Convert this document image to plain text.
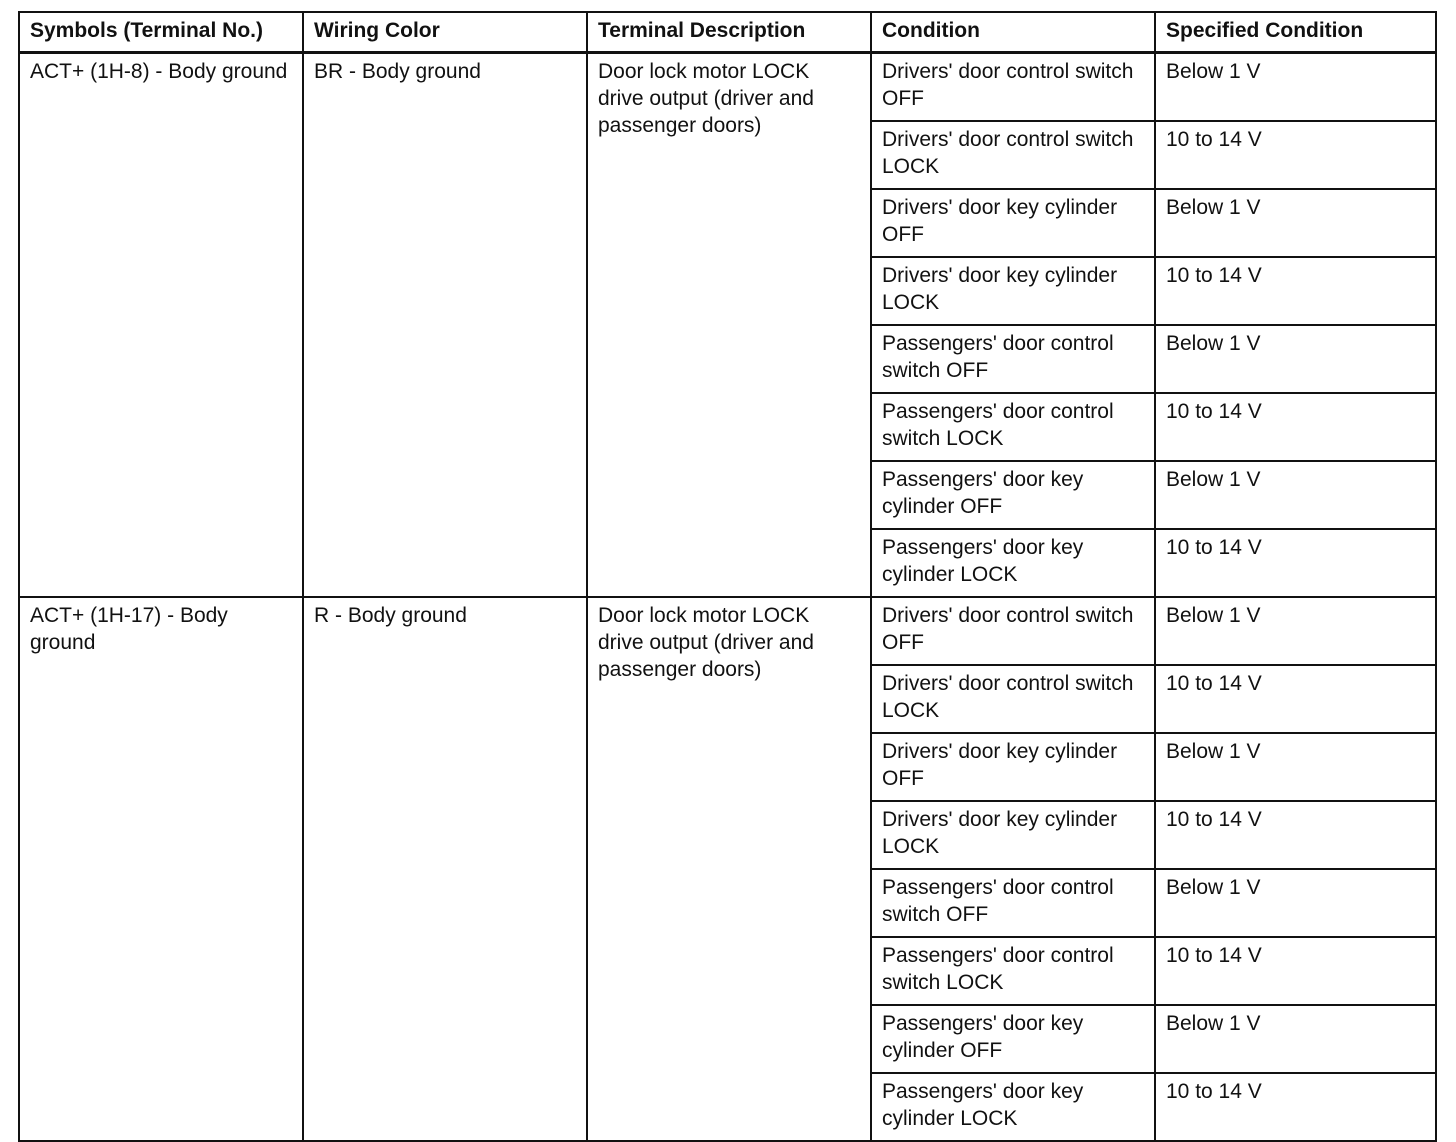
Symbols (Terminal No.)	Wiring Color	Terminal Description	Condition	Specified Condition
ACT+ (1H-8) - Body ground	BR - Body ground	Door lock motor LOCK drive output (driver and passenger doors)	Drivers' door control switch OFF	Below 1 V
			Drivers' door control switch LOCK	10 to 14 V
			Drivers' door key cylinder OFF	Below 1 V
			Drivers' door key cylinder LOCK	10 to 14 V
			Passengers' door control switch OFF	Below 1 V
			Passengers' door control switch LOCK	10 to 14 V
			Passengers' door key cylinder OFF	Below 1 V
			Passengers' door key cylinder LOCK	10 to 14 V
ACT+ (1H-17) - Body ground	R - Body ground	Door lock motor LOCK drive output (driver and passenger doors)	Drivers' door control switch OFF	Below 1 V
			Drivers' door control switch LOCK	10 to 14 V
			Drivers' door key cylinder OFF	Below 1 V
			Drivers' door key cylinder LOCK	10 to 14 V
			Passengers' door control switch OFF	Below 1 V
			Passengers' door control switch LOCK	10 to 14 V
			Passengers' door key cylinder OFF	Below 1 V
			Passengers' door key cylinder LOCK	10 to 14 V
